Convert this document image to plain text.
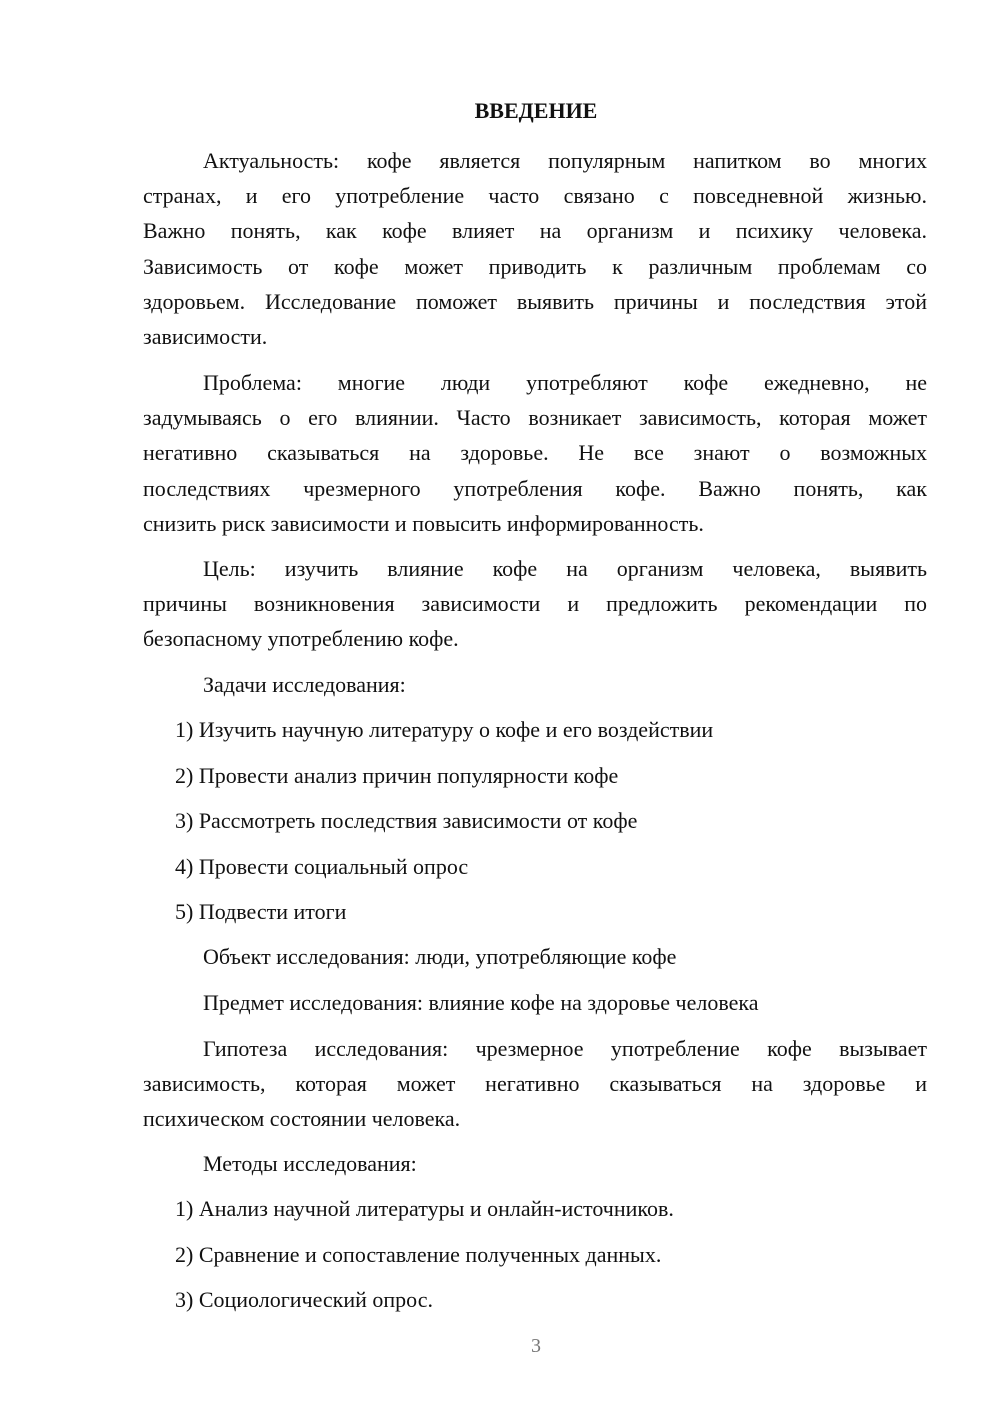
ВВЕДЕНИЕ
Актуальность: кофе является популярным напитком во многих
странах, и его употребление часто связано с повседневной жизнью.
Важно понять, как кофе влияет на организм и психику человека.
Зависимость от кофе может приводить к различным проблемам со
здоровьем. Исследование поможет выявить причины и последствия этой
зависимости.
Проблема: многие люди употребляют кофе ежедневно, не
задумываясь о его влиянии. Часто возникает зависимость, которая может
негативно сказываться на здоровье. Не все знают о возможных
последствиях чрезмерного употребления кофе. Важно понять, как
снизить риск зависимости и повысить информированность.
Цель: изучить влияние кофе на организм человека, выявить
причины возникновения зависимости и предложить рекомендации по
безопасному употреблению кофе.
Задачи исследования:
1) Изучить научную литературу о кофе и его воздействии
2) Провести анализ причин популярности кофе
3) Рассмотреть последствия зависимости от кофе
4) Провести социальный опрос
5) Подвести итоги
Объект исследования: люди, употребляющие кофе
Предмет исследования: влияние кофе на здоровье человека
Гипотеза исследования: чрезмерное употребление кофе вызывает
зависимость, которая может негативно сказываться на здоровье и
психическом состоянии человека.
Методы исследования:
1) Анализ научной литературы и онлайн-источников.
2) Сравнение и сопоставление полученных данных.
3) Социологический опрос.
3
